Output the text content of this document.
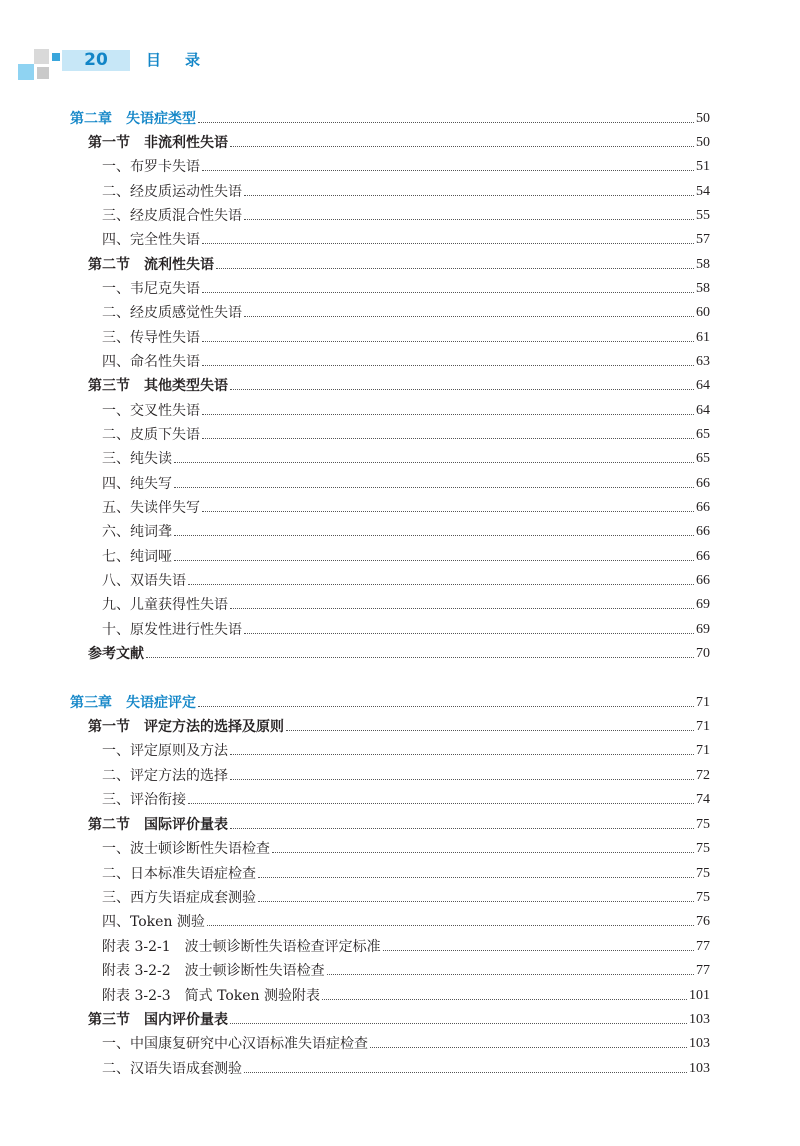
20	目录
第二章　失语症类型	50
第一节　非流利性失语	50
一、布罗卡失语	51
二、经皮质运动性失语	54
三、经皮质混合性失语	55
四、完全性失语	57
第二节　流利性失语	58
一、韦尼克失语	58
二、经皮质感觉性失语	60
三、传导性失语	61
四、命名性失语	63
第三节　其他类型失语	64
一、交叉性失语	64
二、皮质下失语	65
三、纯失读	65
四、纯失写	66
五、失读伴失写	66
六、纯词聋	66
七、纯词哑	66
八、双语失语	66
九、儿童获得性失语	69
十、原发性进行性失语	69
参考文献	70
第三章　失语症评定	71
第一节　评定方法的选择及原则	71
一、评定原则及方法	71
二、评定方法的选择	72
三、评治衔接	74
第二节　国际评价量表	75
一、波士顿诊断性失语检查	75
二、日本标准失语症检查	75
三、西方失语症成套测验	75
四、Token 测验	76
附表 3-2-1　波士顿诊断性失语检查评定标准	77
附表 3-2-2　波士顿诊断性失语检查	77
附表 3-2-3　简式 Token 测验附表	101
第三节　国内评价量表	103
一、中国康复研究中心汉语标准失语症检查	103
二、汉语失语成套测验	103
